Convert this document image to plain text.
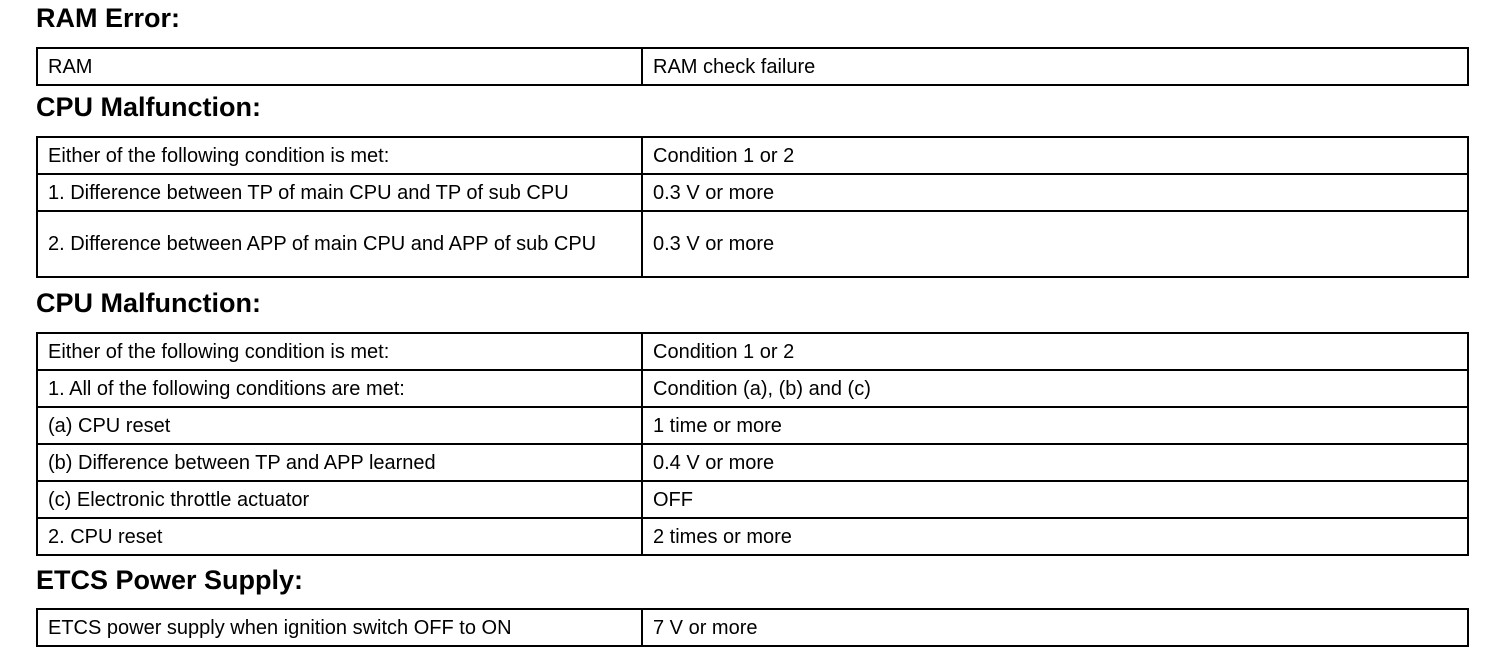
RAM Error:
RAM	RAM check failure
CPU Malfunction:
Either of the following condition is met:	Condition 1 or 2
1. Difference between TP of main CPU and TP of sub CPU	0.3 V or more
2. Difference between APP of main CPU and APP of sub CPU	0.3 V or more
CPU Malfunction:
Either of the following condition is met:	Condition 1 or 2
1. All of the following conditions are met:	Condition (a), (b) and (c)
(a) CPU reset	1 time or more
(b) Difference between TP and APP learned	0.4 V or more
(c) Electronic throttle actuator	OFF
2. CPU reset	2 times or more
ETCS Power Supply:
ETCS power supply when ignition switch OFF to ON	7 V or more
